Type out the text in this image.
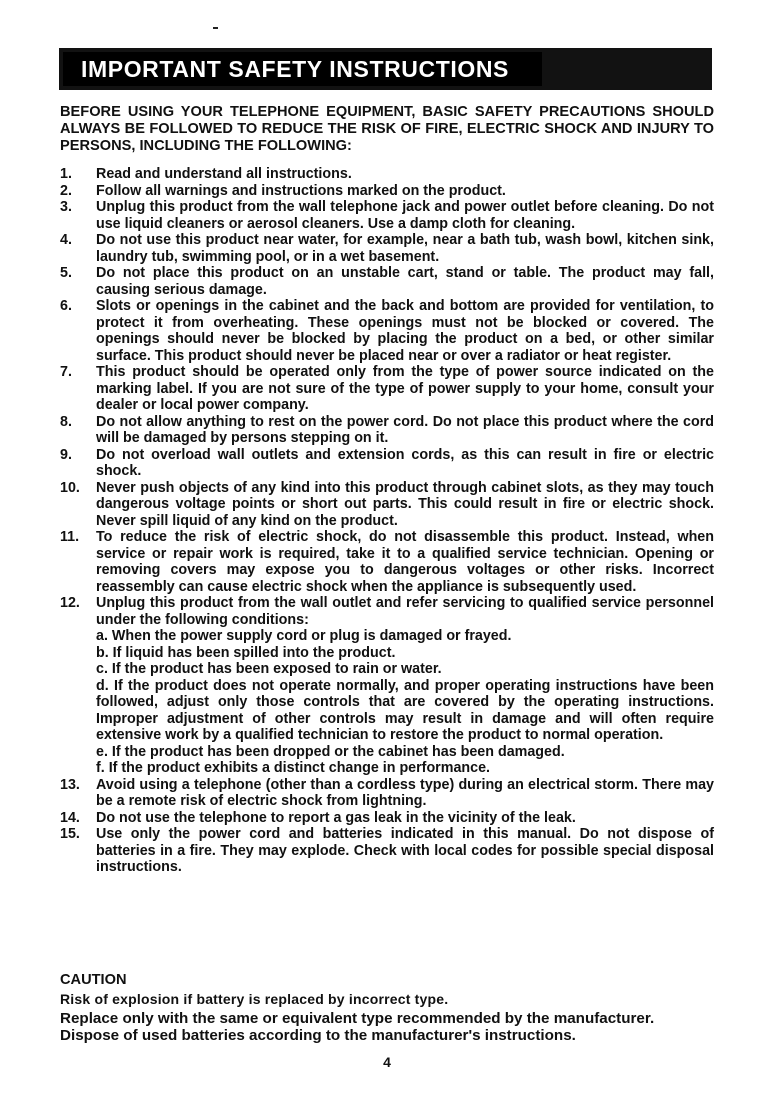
IMPORTANT SAFETY INSTRUCTIONS
BEFORE USING YOUR TELEPHONE EQUIPMENT, BASIC SAFETY PRECAUTIONS SHOULD ALWAYS BE FOLLOWED TO REDUCE THE RISK OF FIRE, ELECTRIC SHOCK AND INJURY TO PERSONS, INCLUDING THE FOLLOWING:
1.	Read and understand all instructions.
2.	Follow all warnings and instructions marked on the product.
3.	Unplug this product from the wall telephone jack and power outlet before cleaning. Do not use liquid cleaners or aerosol cleaners. Use a damp cloth for cleaning.
4.	Do not use this product near water, for example, near a bath tub, wash bowl, kitchen sink, laundry tub, swimming pool, or in a wet basement.
5.	Do not place this product on an unstable cart, stand or table. The product may fall, causing serious damage.
6.	Slots or openings in the cabinet and the back and bottom are provided for ventilation, to protect it from overheating. These openings must not be blocked or covered. The openings should never be blocked by placing the product on a bed, or other similar surface. This product should never be placed near or over a radiator or heat register.
7.	This product should be operated only from the type of power source indicated on the marking label. If you are not sure of the type of power supply to your home, consult your dealer or local power company.
8.	Do not allow anything to rest on the power cord. Do not place this product where the cord will be damaged by persons stepping on it.
9.	Do not overload wall outlets and extension cords, as this can result in fire or electric shock.
10.	Never push objects of any kind into this product through cabinet slots, as they may touch dangerous voltage points or short out parts. This could result in fire or electric shock. Never spill liquid of any kind on the product.
11.	To reduce the risk of electric shock, do not disassemble this product. Instead, when service or repair work is required, take it to a qualified service technician. Opening or removing covers may expose you to dangerous voltages or other risks. Incorrect reassembly can cause electric shock when the appliance is subsequently used.
12.	Unplug this product from the wall outlet and refer servicing to qualified service personnel under the following conditions:
a. When the power supply cord or plug is damaged or frayed.
b. If liquid has been spilled into the product.
c. If the product has been exposed to rain or water.
d. If the product does not operate normally, and proper operating instructions have been followed, adjust only those controls that are covered by the operating instructions. Improper adjustment of other controls may result in damage and will often require extensive work by a qualified technician to restore the product to normal operation.
e. If the product has been dropped or the cabinet has been damaged.
f. If the product exhibits a distinct change in performance.
13.	Avoid using a telephone (other than a cordless type) during an electrical storm. There may be a remote risk of electric shock from lightning.
14.	Do not use the telephone to report a gas leak in the vicinity of the leak.
15.	Use only the power cord and batteries indicated in this manual. Do not dispose of batteries in a fire. They may explode. Check with local codes for possible special disposal instructions.
CAUTION
Risk of explosion if battery is replaced by incorrect type.
Replace only with the same or equivalent type recommended by the manufacturer. Dispose of used batteries according to the manufacturer's instructions.
4
